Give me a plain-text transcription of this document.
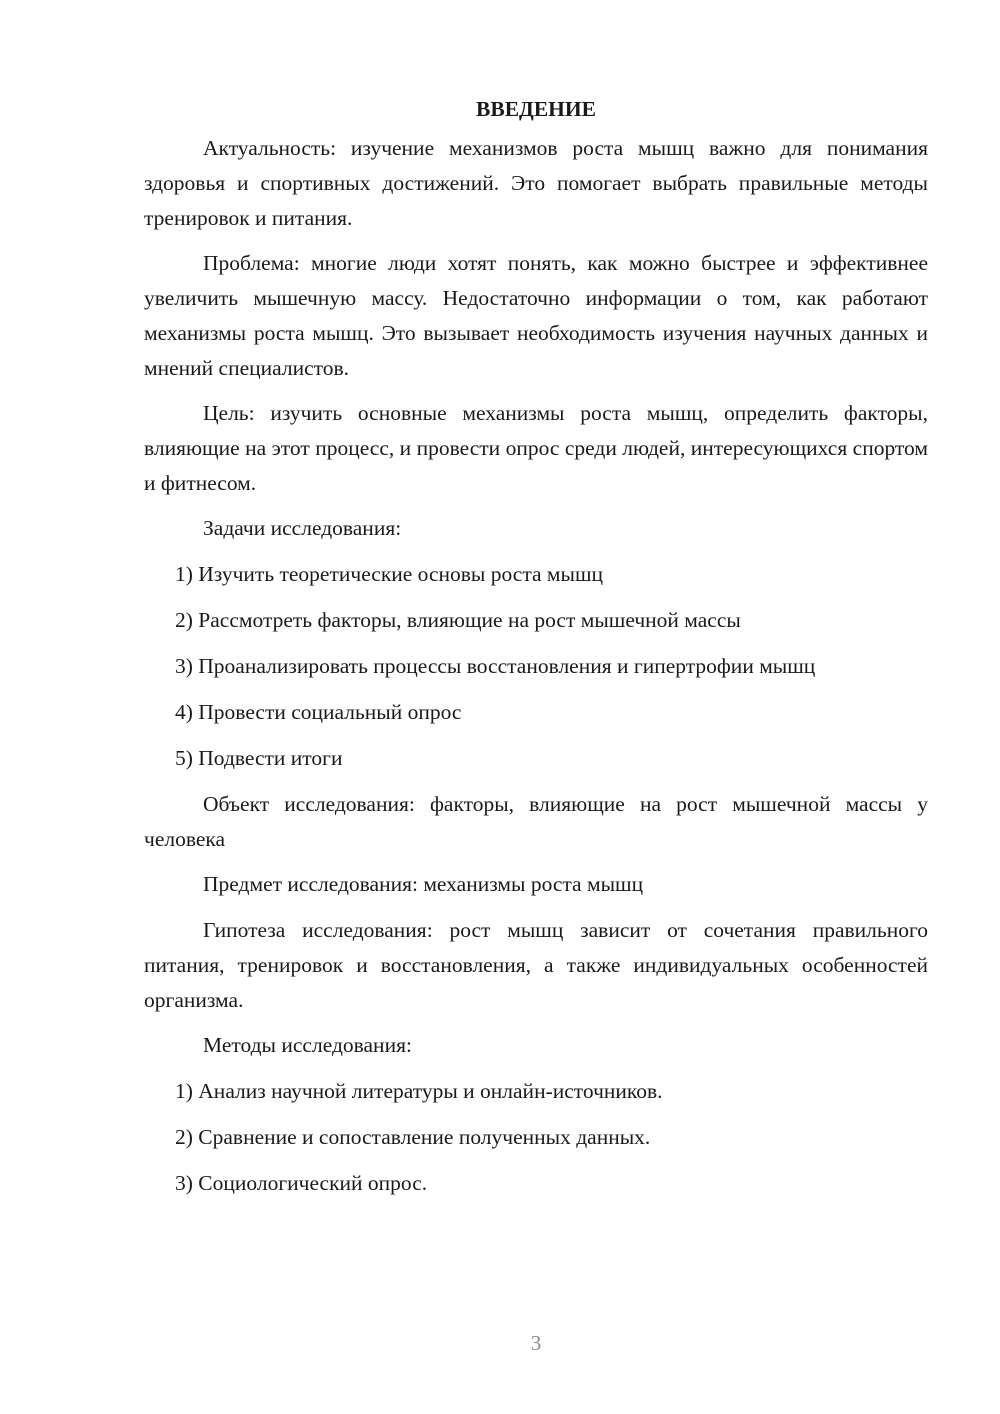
ВВЕДЕНИЕ

Актуальность: изучение механизмов роста мышц важно для понимания здоровья и спортивных достижений. Это помогает выбрать правильные методы тренировок и питания.

Проблема: многие люди хотят понять, как можно быстрее и эффективнее увеличить мышечную массу. Недостаточно информации о том, как работают механизмы роста мышц. Это вызывает необходимость изучения научных данных и мнений специалистов.

Цель: изучить основные механизмы роста мышц, определить факторы, влияющие на этот процесс, и провести опрос среди людей, интересующихся спортом и фитнесом.

Задачи исследования:

1) Изучить теоретические основы роста мышц

2) Рассмотреть факторы, влияющие на рост мышечной массы

3) Проанализировать процессы восстановления и гипертрофии мышц

4) Провести социальный опрос

5) Подвести итоги

Объект исследования: факторы, влияющие на рост мышечной массы у человека

Предмет исследования: механизмы роста мышц

Гипотеза исследования: рост мышц зависит от сочетания правильного питания, тренировок и восстановления, а также индивидуальных особенностей организма.

Методы исследования:

1) Анализ научной литературы и онлайн-источников.

2) Сравнение и сопоставление полученных данных.

3) Социологический опрос.

3
